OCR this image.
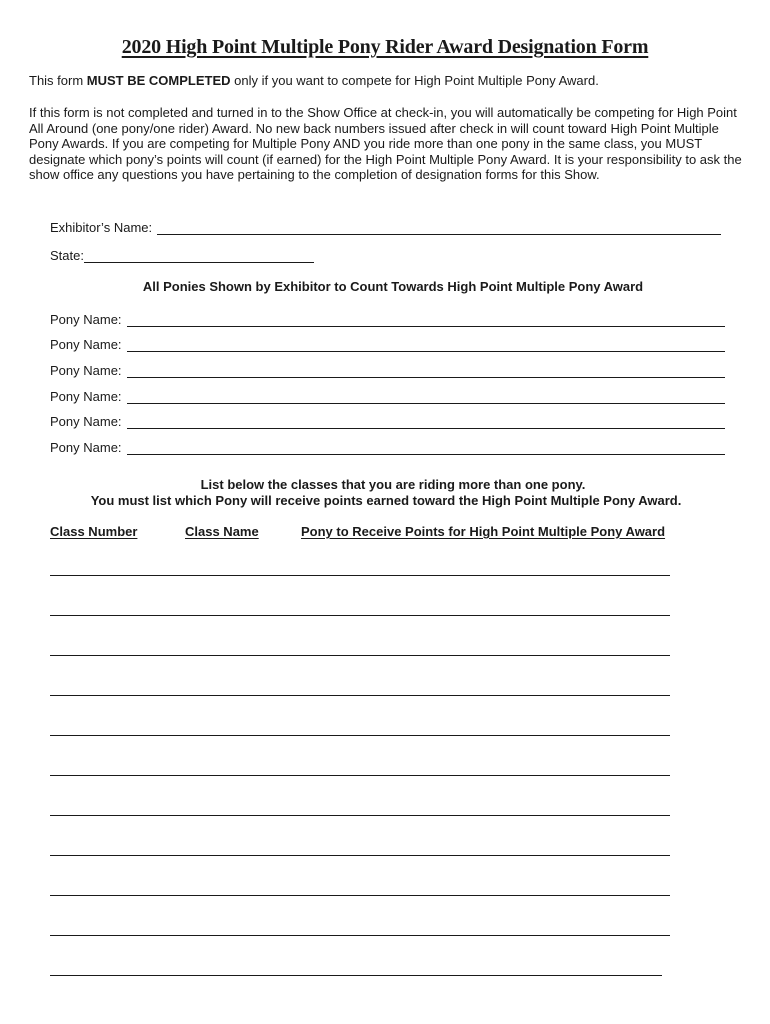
2020 High Point Multiple Pony Rider Award Designation Form
This form MUST BE COMPLETED only if you want to compete for High Point Multiple Pony Award.
If this form is not completed and turned in to the Show Office at check-in, you will automatically be competing for High Point All Around (one pony/one rider) Award. No new back numbers issued after check in will count toward High Point Multiple Pony Awards. If you are competing for Multiple Pony AND you ride more than one pony in the same class, you MUST designate which pony’s points will count (if earned) for the High Point Multiple Pony Award. It is your responsibility to ask the show office any questions you have pertaining to the completion of designation forms for this Show.
Exhibitor’s Name:
State:
All Ponies Shown by Exhibitor to Count Towards High Point Multiple Pony Award
Pony Name:
Pony Name:
Pony Name:
Pony Name:
Pony Name:
Pony Name:
List below the classes that you are riding more than one pony.
You must list which Pony will receive points earned toward the High Point Multiple Pony Award.
Class Number	Class Name	Pony to Receive Points for High Point Multiple Pony Award
